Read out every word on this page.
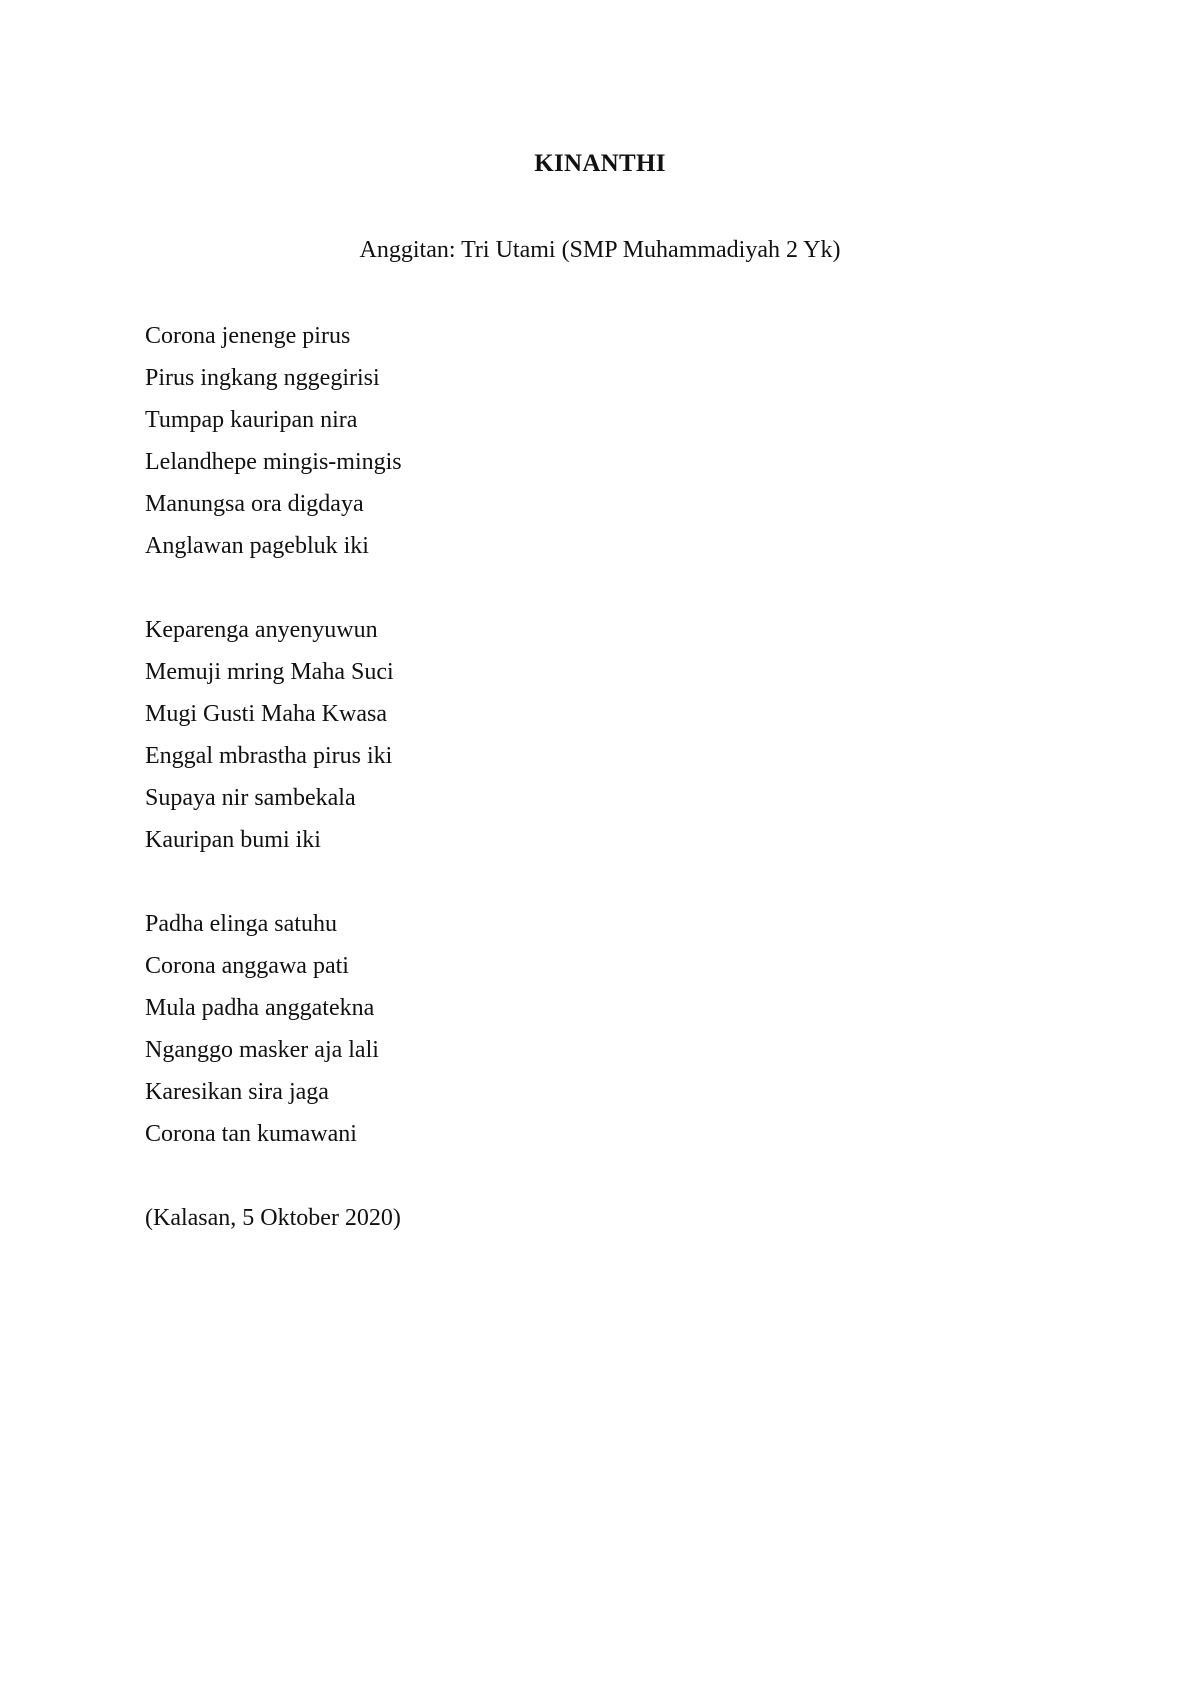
KINANTHI

Anggitan: Tri Utami (SMP Muhammadiyah 2 Yk)

Corona jenenge pirus
Pirus ingkang nggegirisi
Tumpap kauripan nira
Lelandhepe mingis-mingis
Manungsa ora digdaya
Anglawan pagebluk iki
Keparenga anyenyuwun
Memuji mring Maha Suci
Mugi Gusti Maha Kwasa
Enggal mbrastha pirus iki
Supaya nir sambekala
Kauripan bumi iki
Padha elinga satuhu
Corona anggawa pati
Mula padha anggatekna
Nganggo masker aja lali
Karesikan sira jaga
Corona tan kumawani
(Kalasan, 5 Oktober 2020)
